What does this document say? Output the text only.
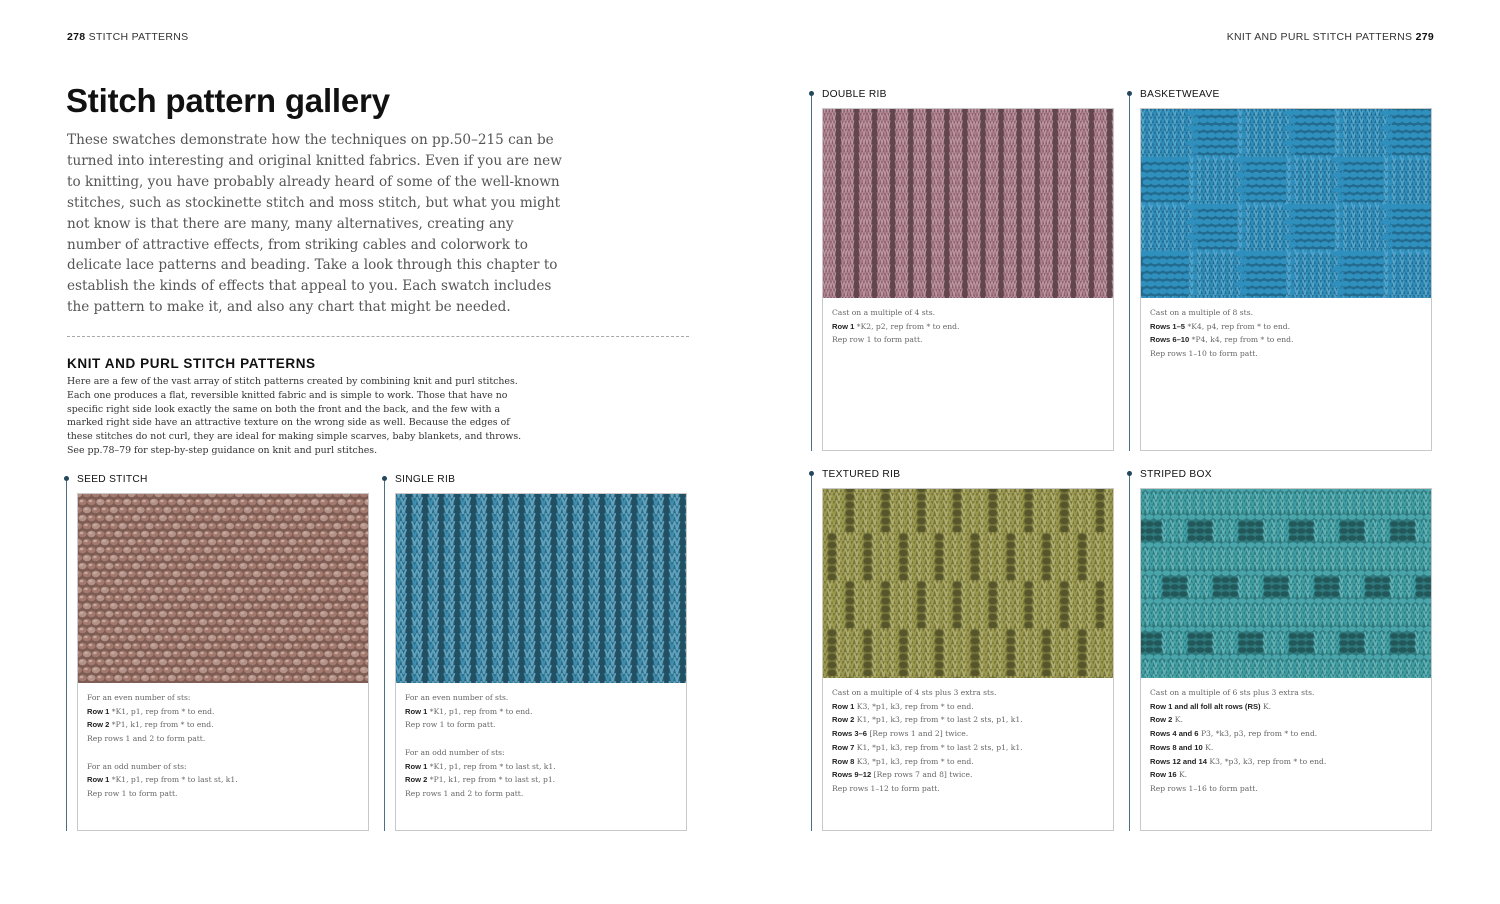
278 STITCH PATTERNS	KNIT AND PURL STITCH PATTERNS 279
Stitch pattern gallery

These swatches demonstrate how the techniques on pp.50–215 can be turned into interesting and original knitted fabrics. Even if you are new to knitting, you have probably already heard of some of the well-known stitches, such as stockinette stitch and moss stitch, but what you might not know is that there are many, many alternatives, creating any number of attractive effects, from striking cables and colorwork to delicate lace patterns and beading. Take a look through this chapter to establish the kinds of effects that appeal to you. Each swatch includes the pattern to make it, and also any chart that might be needed.

KNIT AND PURL STITCH PATTERNS

Here are a few of the vast array of stitch patterns created by combining knit and purl stitches. Each one produces a flat, reversible knitted fabric and is simple to work. Those that have no specific right side look exactly the same on both the front and the back, and the few with a marked right side have an attractive texture on the wrong side as well. Because the edges of these stitches do not curl, they are ideal for making simple scarves, baby blankets, and throws. See pp.78–79 for step-by-step guidance on knit and purl stitches.

SEED STITCH
For an even number of sts:
Row 1 *K1, p1, rep from * to end.
Row 2 *P1, k1, rep from * to end.
Rep rows 1 and 2 to form patt.
For an odd number of sts:
Row 1 *K1, p1, rep from * to last st, k1.
Rep row 1 to form patt.
SINGLE RIB
For an even number of sts.
Row 1 *K1, p1, rep from * to end.
Rep row 1 to form patt.
For an odd number of sts:
Row 1 *K1, p1, rep from * to last st, k1.
Row 2 *P1, k1, rep from * to last st, p1.
Rep rows 1 and 2 to form patt.
DOUBLE RIB
Cast on a multiple of 4 sts.
Row 1 *K2, p2, rep from * to end.
Rep row 1 to form patt.
BASKETWEAVE
Cast on a multiple of 8 sts.
Rows 1–5 *K4, p4, rep from * to end.
Rows 6–10 *P4, k4, rep from * to end.
Rep rows 1–10 to form patt.
TEXTURED RIB
Cast on a multiple of 4 sts plus 3 extra sts.
Row 1 K3, *p1, k3, rep from * to end.
Row 2 K1, *p1, k3, rep from * to last 2 sts, p1, k1.
Rows 3–6 [Rep rows 1 and 2] twice.
Row 7 K1, *p1, k3, rep from * to last 2 sts, p1, k1.
Row 8 K3, *p1, k3, rep from * to end.
Rows 9–12 [Rep rows 7 and 8] twice.
Rep rows 1–12 to form patt.
STRIPED BOX
Cast on a multiple of 6 sts plus 3 extra sts.
Row 1 and all foll alt rows (RS) K.
Row 2 K.
Rows 4 and 6 P3, *k3, p3, rep from * to end.
Rows 8 and 10 K.
Rows 12 and 14 K3, *p3, k3, rep from * to end.
Row 16 K.
Rep rows 1–16 to form patt.
